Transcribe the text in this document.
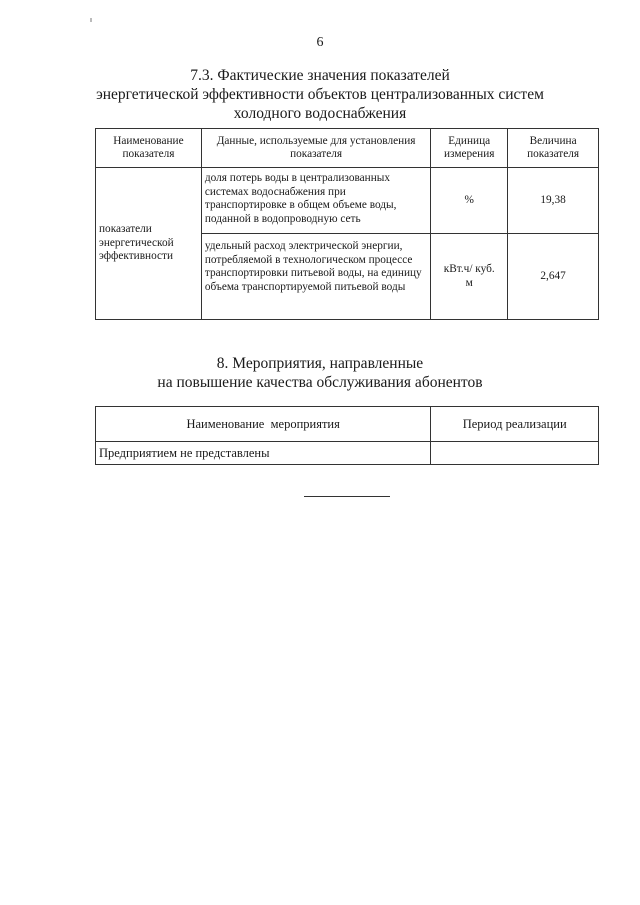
6
7.3. Фактические значения показателей
энергетической эффективности объектов централизованных систем
холодного водоснабжения
Наименование показателя	Данные, используемые для установления показателя	Единица измерения	Величина показателя
показатели энергетической эффективности	доля потерь воды в централизованных системах водоснабжения при транспортировке в общем объеме воды, поданной в водопроводную сеть	%	19,38
	удельный расход электрической энергии, потребляемой в технологическом процессе транспортировки питьевой воды, на единицу объема транспортируемой питьевой воды	кВт.ч/ куб. м	2,647
8. Мероприятия, направленные
на повышение качества обслуживания абонентов
Наименование  мероприятия	Период реализации
Предприятием не представлены	
